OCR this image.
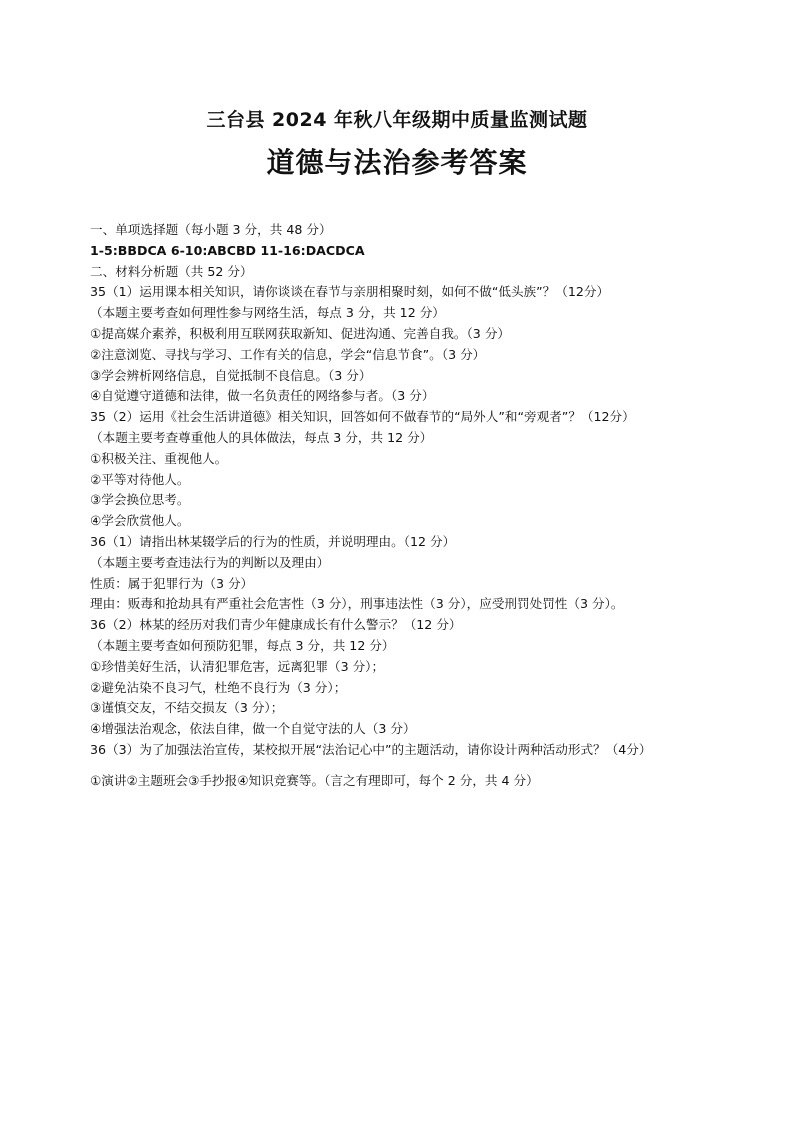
三台县 2024 年秋八年级期中质量监测试题
道德与法治参考答案
一、单项选择题（每小题 3 分，共 48 分）
1-5:BBDCA 6-10:ABCBD 11-16:DACDCA
二、材料分析题（共 52 分）
35（1）运用课本相关知识，请你谈谈在春节与亲朋相聚时刻，如何不做“低头族”？（12分）
（本题主要考查如何理性参与网络生活，每点 3 分，共 12 分）
①提高媒介素养，积极利用互联网获取新知、促进沟通、完善自我。（3 分）
②注意浏览、寻找与学习、工作有关的信息，学会“信息节食”。（3 分）
③学会辨析网络信息，自觉抵制不良信息。（3 分）
④自觉遵守道德和法律，做一名负责任的网络参与者。（3 分）
35（2）运用《社会生活讲道德》相关知识，回答如何不做春节的“局外人”和“旁观者”？（12分）
（本题主要考查尊重他人的具体做法，每点 3 分，共 12 分）
①积极关注、重视他人。
②平等对待他人。
③学会换位思考。
④学会欣赏他人。
36（1）请指出林某辍学后的行为的性质，并说明理由。（12 分）
（本题主要考查违法行为的判断以及理由）
性质：属于犯罪行为（3 分）
理由：贩毒和抢劫具有严重社会危害性（3 分），刑事违法性（3 分），应受刑罚处罚性（3 分）。
36（2）林某的经历对我们青少年健康成长有什么警示？（12 分）
（本题主要考查如何预防犯罪，每点 3 分，共 12 分）
①珍惜美好生活，认清犯罪危害，远离犯罪（3 分）；
②避免沾染不良习气，杜绝不良行为（3 分）；
③谨慎交友，不结交损友（3 分）；
④增强法治观念，依法自律，做一个自觉守法的人（3 分）
36（3）为了加强法治宣传，某校拟开展“法治记心中”的主题活动，请你设计两种活动形式？（4分）
①演讲②主题班会③手抄报④知识竞赛等。（言之有理即可，每个 2 分，共 4 分）
